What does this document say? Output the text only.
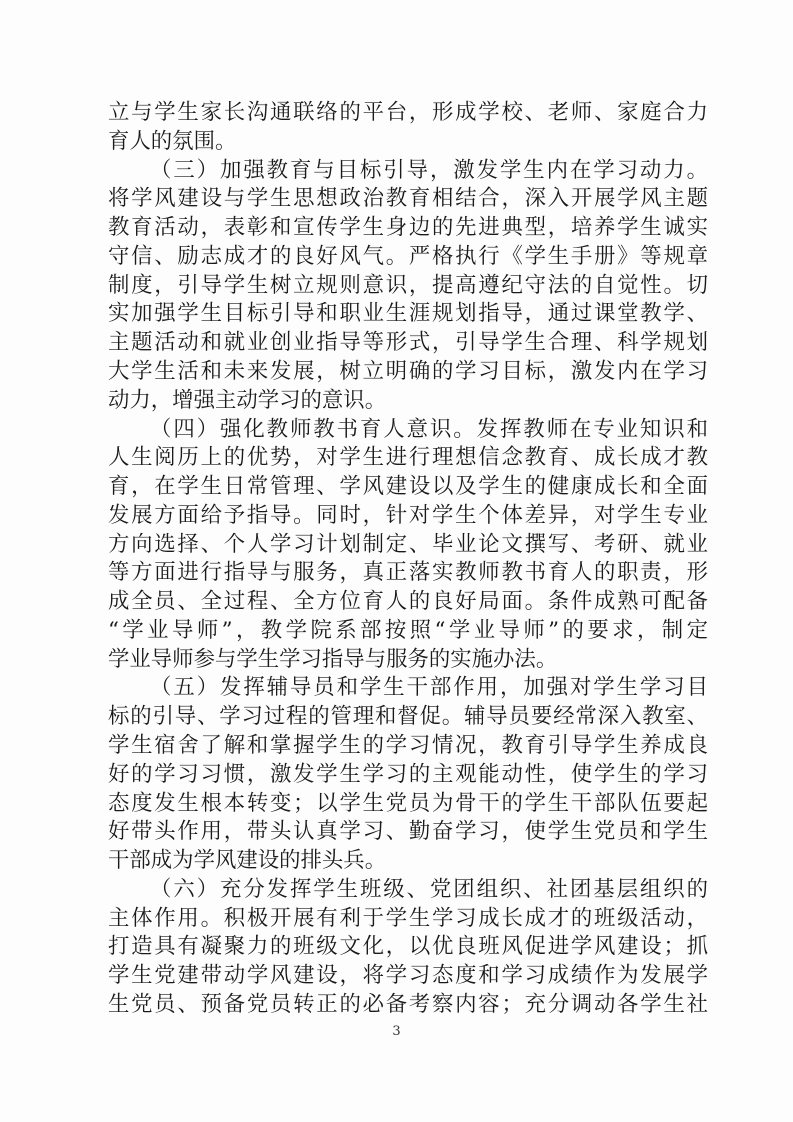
立与学生家长沟通联络的平台，形成学校、老师、家庭合力
育人的氛围。
（三）加强教育与目标引导，激发学生内在学习动力。
将学风建设与学生思想政治教育相结合，深入开展学风主题
教育活动，表彰和宣传学生身边的先进典型，培养学生诚实
守信、励志成才的良好风气。严格执行《学生手册》等规章
制度，引导学生树立规则意识，提高遵纪守法的自觉性。切
实加强学生目标引导和职业生涯规划指导，通过课堂教学、
主题活动和就业创业指导等形式，引导学生合理、科学规划
大学生活和未来发展，树立明确的学习目标，激发内在学习
动力，增强主动学习的意识。
（四）强化教师教书育人意识。发挥教师在专业知识和
人生阅历上的优势，对学生进行理想信念教育、成长成才教
育，在学生日常管理、学风建设以及学生的健康成长和全面
发展方面给予指导。同时，针对学生个体差异，对学生专业
方向选择、个人学习计划制定、毕业论文撰写、考研、就业
等方面进行指导与服务，真正落实教师教书育人的职责，形
成全员、全过程、全方位育人的良好局面。条件成熟可配备
“学业导师”，教学院系部按照“学业导师”的要求，制定
学业导师参与学生学习指导与服务的实施办法。
（五）发挥辅导员和学生干部作用，加强对学生学习目
标的引导、学习过程的管理和督促。辅导员要经常深入教室、
学生宿舍了解和掌握学生的学习情况，教育引导学生养成良
好的学习习惯，激发学生学习的主观能动性，使学生的学习
态度发生根本转变；以学生党员为骨干的学生干部队伍要起
好带头作用，带头认真学习、勤奋学习，使学生党员和学生
干部成为学风建设的排头兵。
（六）充分发挥学生班级、党团组织、社团基层组织的
主体作用。积极开展有利于学生学习成长成才的班级活动，
打造具有凝聚力的班级文化，以优良班风促进学风建设；抓
学生党建带动学风建设，将学习态度和学习成绩作为发展学
生党员、预备党员转正的必备考察内容；充分调动各学生社
3
